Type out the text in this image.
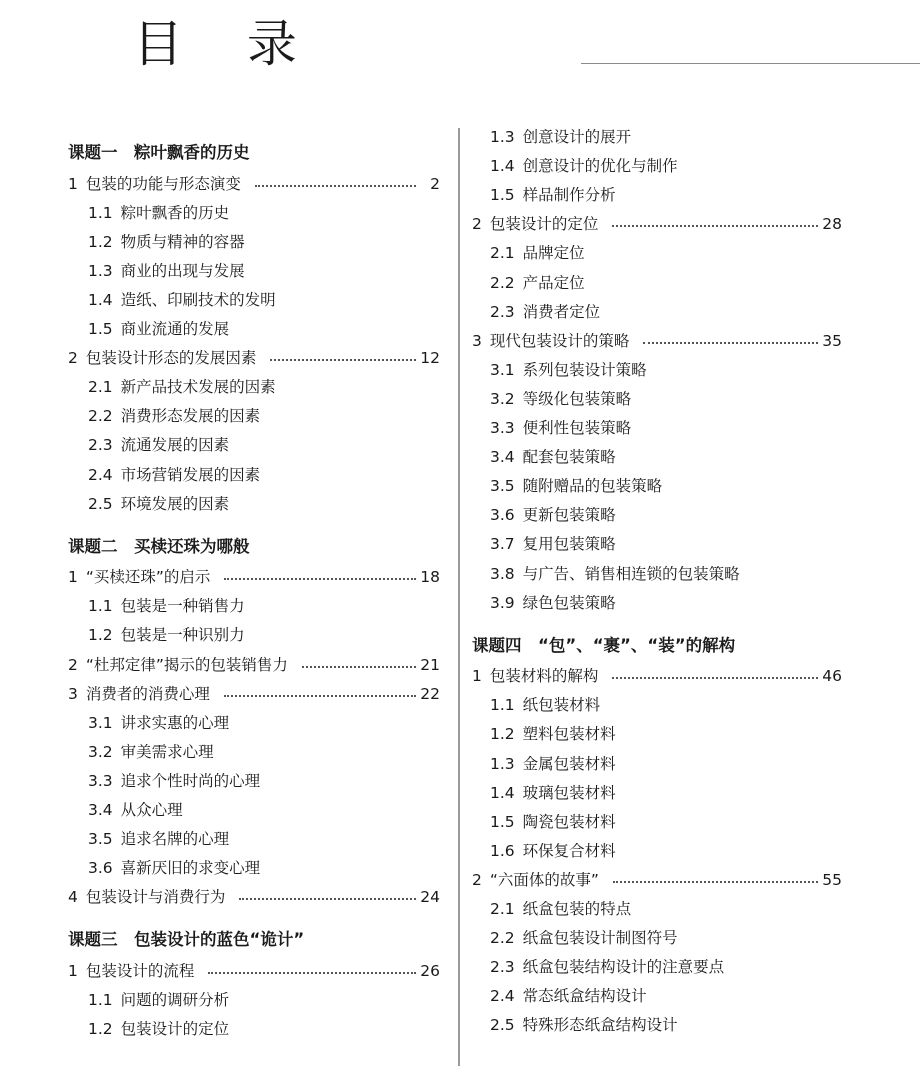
目 录
课题一　粽叶飘香的历史
1 包装的功能与形态演变	2
1.1 粽叶飘香的历史
1.2 物质与精神的容器
1.3 商业的出现与发展
1.4 造纸、印刷技术的发明
1.5 商业流通的发展
2 包装设计形态的发展因素	12
2.1 新产品技术发展的因素
2.2 消费形态发展的因素
2.3 流通发展的因素
2.4 市场营销发展的因素
2.5 环境发展的因素
课题二　买椟还珠为哪般
1 “买椟还珠”的启示	18
1.1 包装是一种销售力
1.2 包装是一种识别力
2 “杜邦定律”揭示的包装销售力	21
3 消费者的消费心理	22
3.1 讲求实惠的心理
3.2 审美需求心理
3.3 追求个性时尚的心理
3.4 从众心理
3.5 追求名牌的心理
3.6 喜新厌旧的求变心理
4 包装设计与消费行为	24
课题三　包装设计的蓝色“诡计”
1 包装设计的流程	26
1.1 问题的调研分析
1.2 包装设计的定位
1.3 创意设计的展开
1.4 创意设计的优化与制作
1.5 样品制作分析
2 包装设计的定位	28
2.1 品牌定位
2.2 产品定位
2.3 消费者定位
3 现代包装设计的策略	35
3.1 系列包装设计策略
3.2 等级化包装策略
3.3 便利性包装策略
3.4 配套包装策略
3.5 随附赠品的包装策略
3.6 更新包装策略
3.7 复用包装策略
3.8 与广告、销售相连锁的包装策略
3.9 绿色包装策略
课题四　“包”、“裹”、“装”的解构
1 包装材料的解构	46
1.1 纸包装材料
1.2 塑料包装材料
1.3 金属包装材料
1.4 玻璃包装材料
1.5 陶瓷包装材料
1.6 环保复合材料
2 “六面体的故事”	55
2.1 纸盒包装的特点
2.2 纸盒包装设计制图符号
2.3 纸盒包装结构设计的注意要点
2.4 常态纸盒结构设计
2.5 特殊形态纸盒结构设计
